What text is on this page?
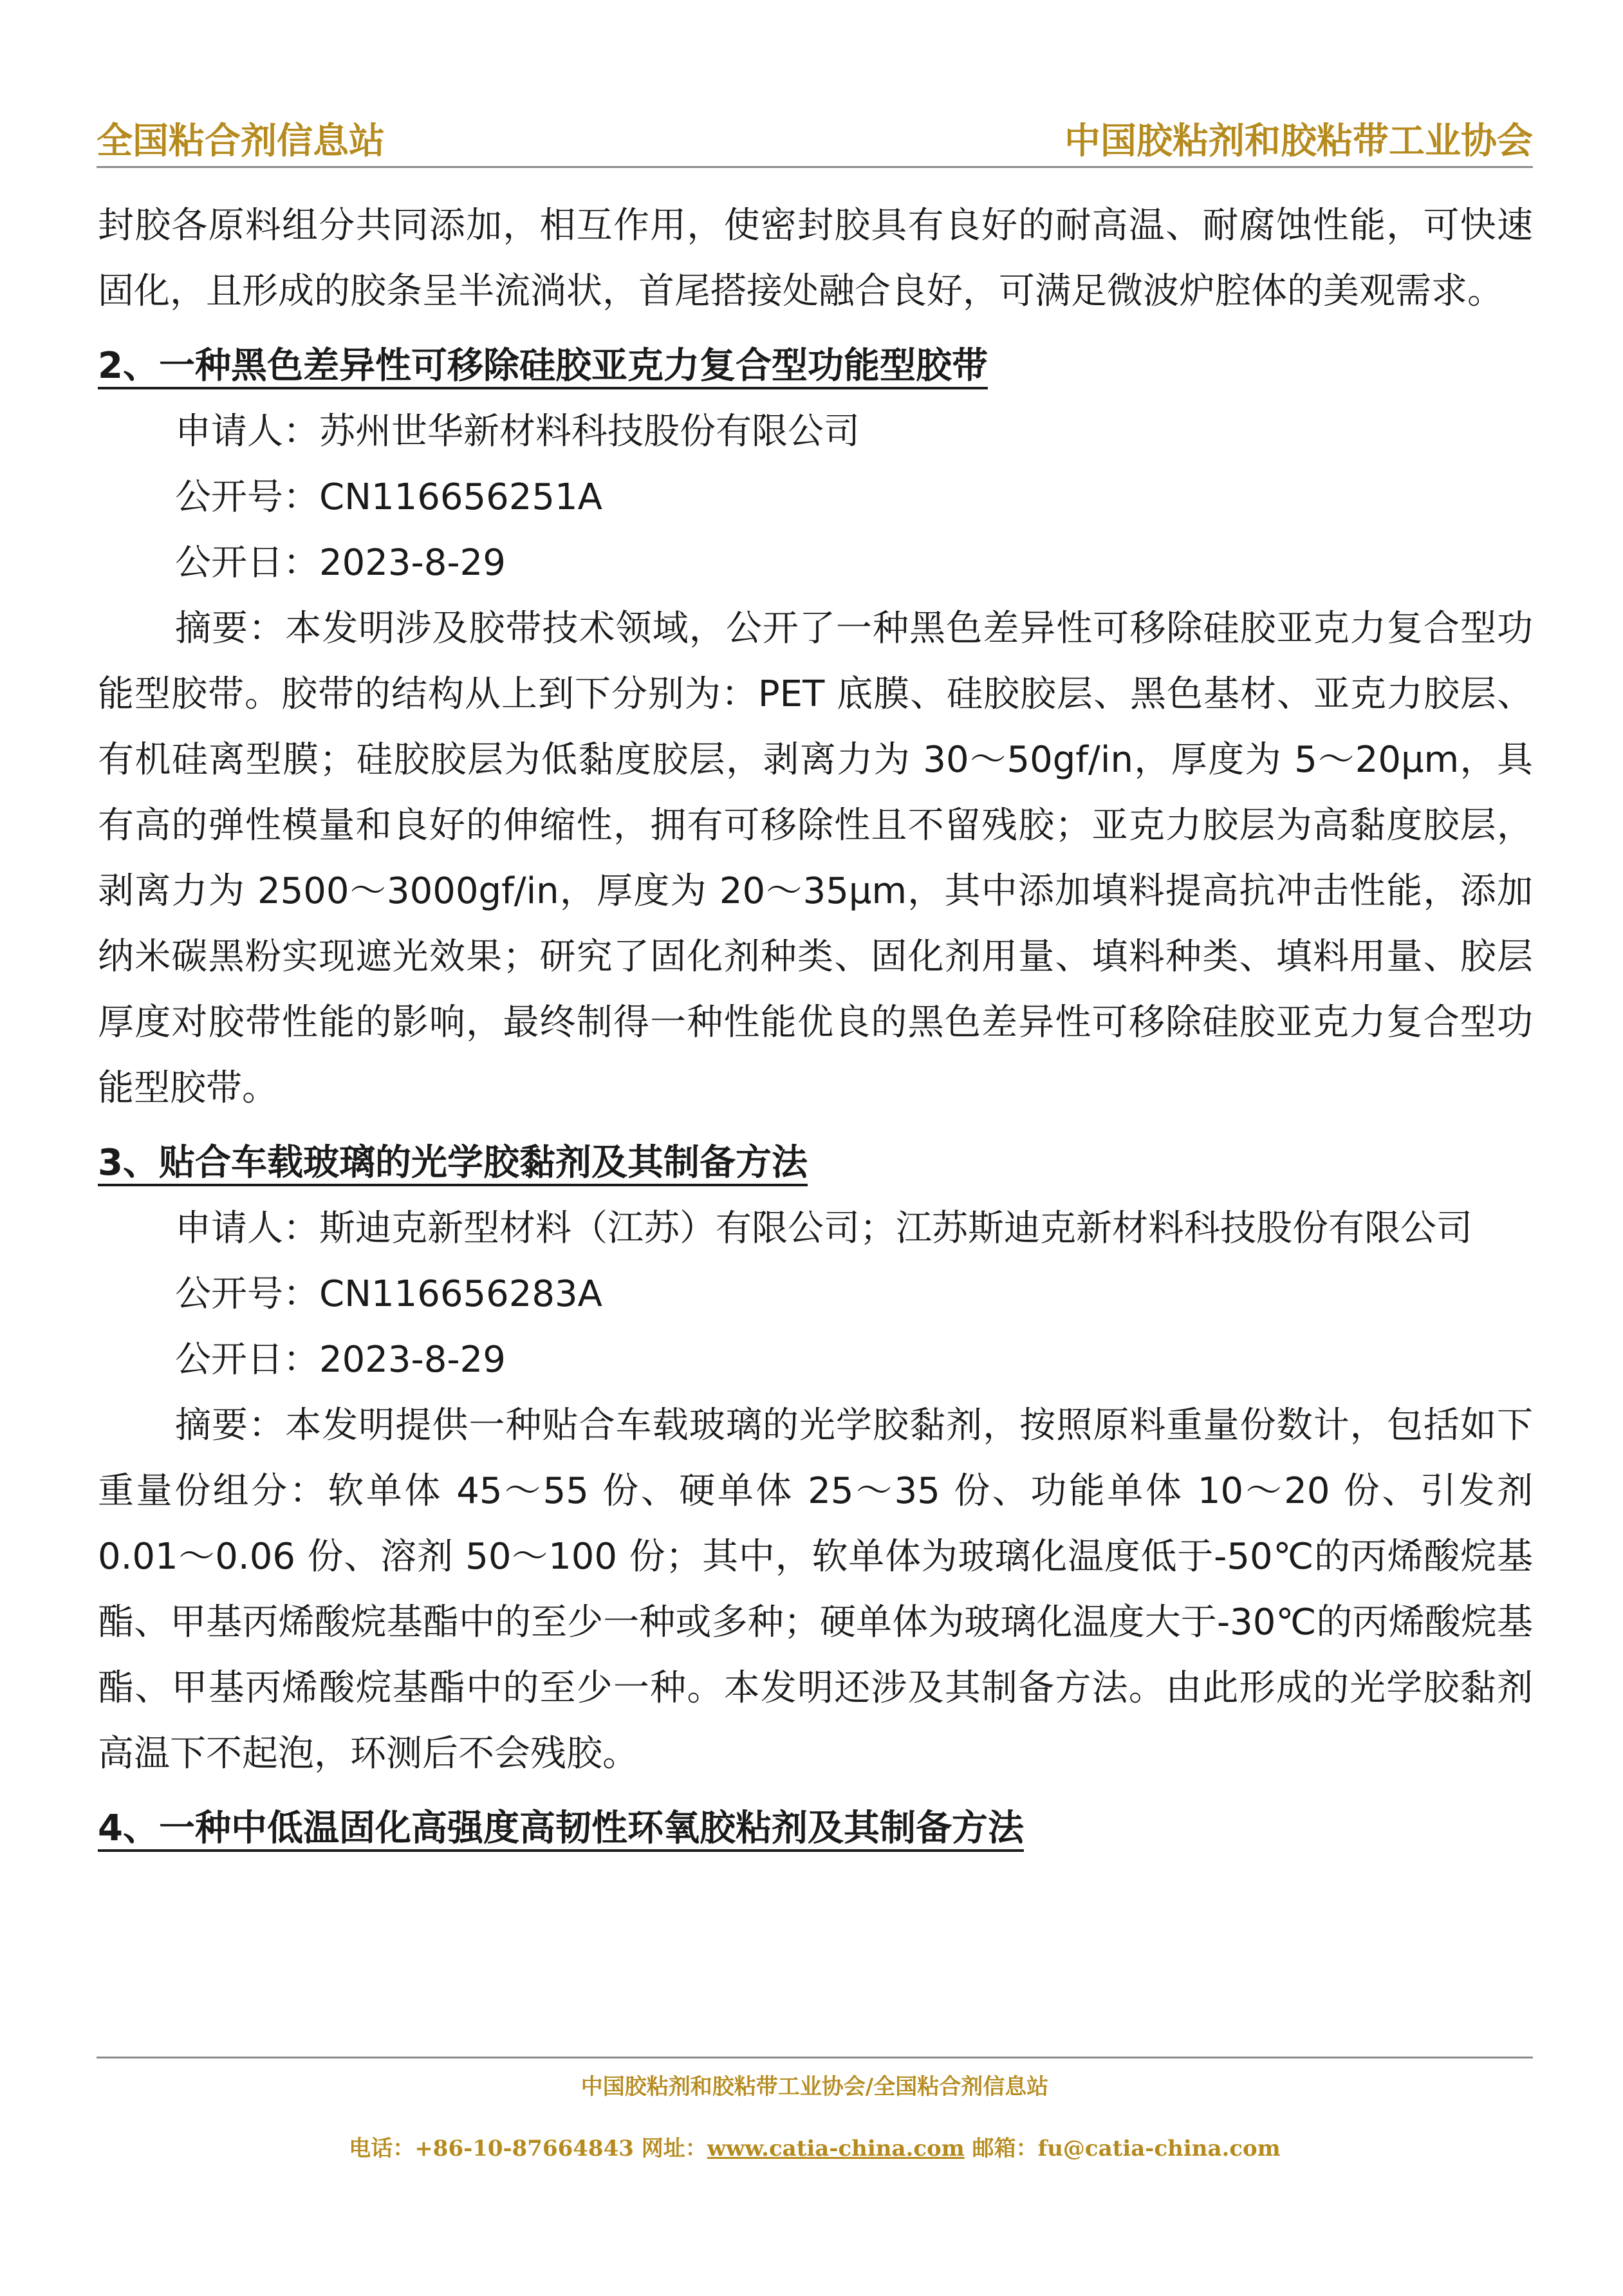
全国粘合剂信息站	中国胶粘剂和胶粘带工业协会

封胶各原料组分共同添加，相互作用，使密封胶具有良好的耐高温、耐腐蚀性能，可快速固化，且形成的胶条呈半流淌状，首尾搭接处融合良好，可满足微波炉腔体的美观需求。

2、一种黑色差异性可移除硅胶亚克力复合型功能型胶带

申请人：苏州世华新材料科技股份有限公司

公开号：CN116656251A

公开日：2023-8-29

摘要：本发明涉及胶带技术领域，公开了一种黑色差异性可移除硅胶亚克力复合型功能型胶带。胶带的结构从上到下分别为：PET 底膜、硅胶胶层、黑色基材、亚克力胶层、有机硅离型膜；硅胶胶层为低黏度胶层，剥离力为 30～50gf/in，厚度为 5～20μm，具有高的弹性模量和良好的伸缩性，拥有可移除性且不留残胶；亚克力胶层为高黏度胶层，剥离力为 2500～3000gf/in，厚度为 20～35μm，其中添加填料提高抗冲击性能，添加纳米碳黑粉实现遮光效果；研究了固化剂种类、固化剂用量、填料种类、填料用量、胶层厚度对胶带性能的影响，最终制得一种性能优良的黑色差异性可移除硅胶亚克力复合型功能型胶带。

3、贴合车载玻璃的光学胶黏剂及其制备方法

申请人：斯迪克新型材料（江苏）有限公司；江苏斯迪克新材料科技股份有限公司

公开号：CN116656283A

公开日：2023-8-29

摘要：本发明提供一种贴合车载玻璃的光学胶黏剂，按照原料重量份数计，包括如下重量份组分：软单体 45～55 份、硬单体 25～35 份、功能单体 10～20 份、引发剂 0.01～0.06 份、溶剂 50～100 份；其中，软单体为玻璃化温度低于-50℃的丙烯酸烷基酯、甲基丙烯酸烷基酯中的至少一种或多种；硬单体为玻璃化温度大于-30℃的丙烯酸烷基酯、甲基丙烯酸烷基酯中的至少一种。本发明还涉及其制备方法。由此形成的光学胶黏剂高温下不起泡，环测后不会残胶。

4、一种中低温固化高强度高韧性环氧胶粘剂及其制备方法

中国胶粘剂和胶粘带工业协会/全国粘合剂信息站
电话：+86-10-87664843 网址：www.catia-china.com 邮箱：fu@catia-china.com
